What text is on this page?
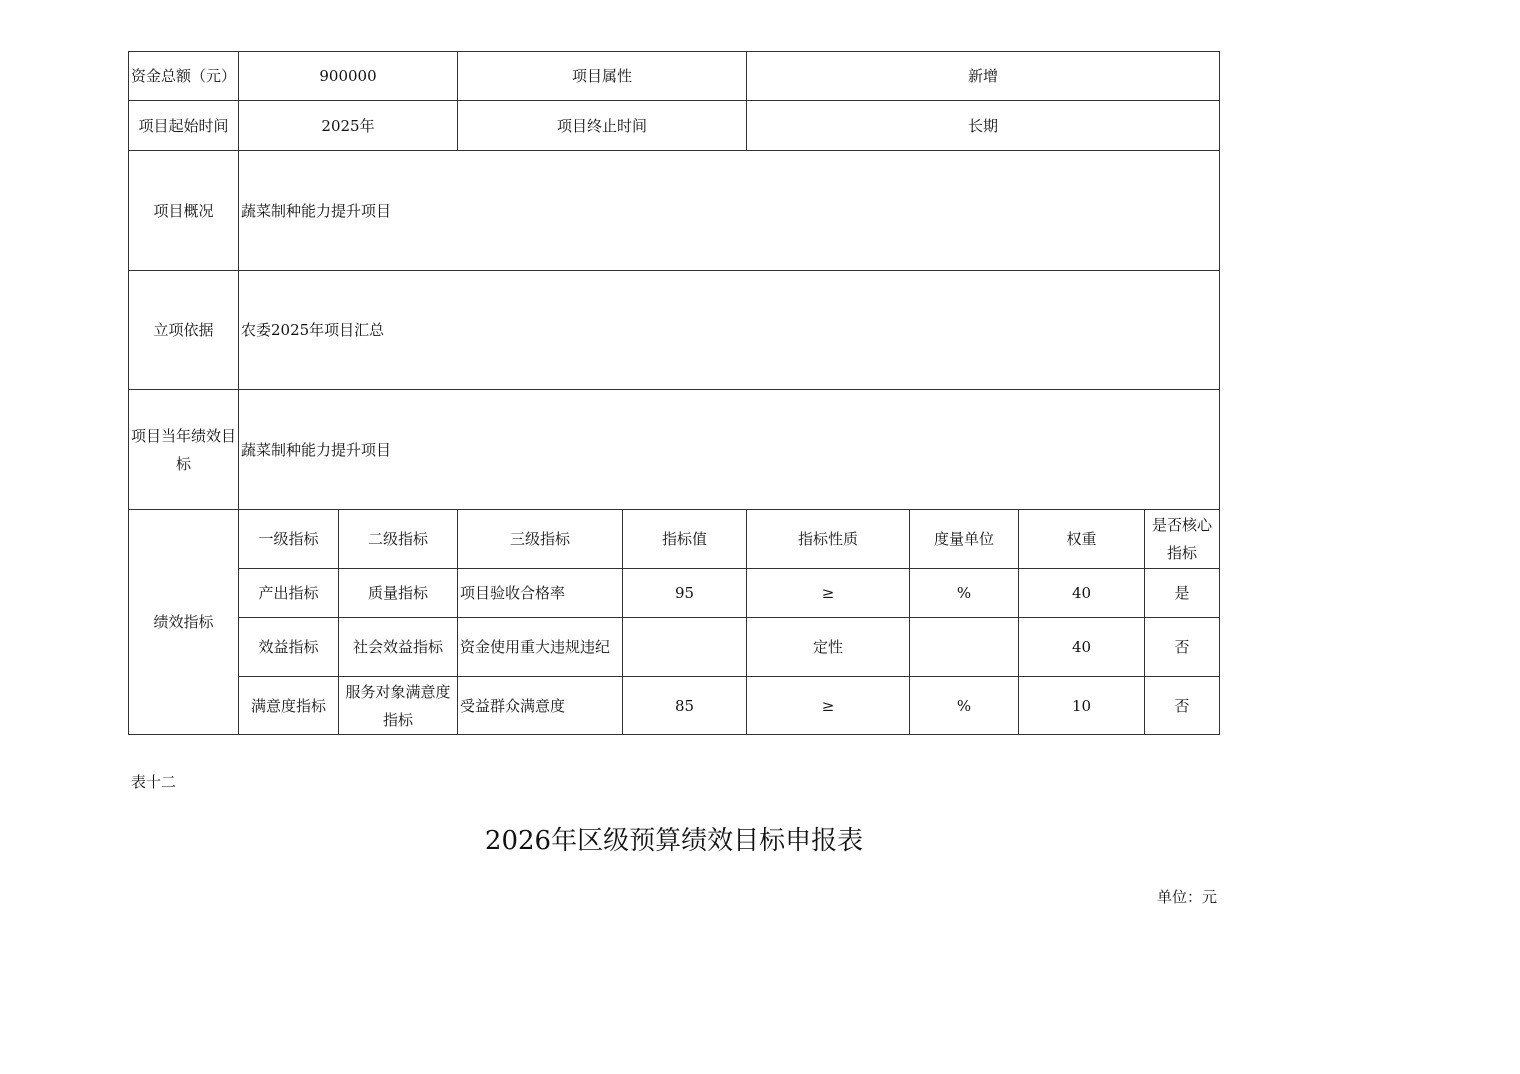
资金总额（元）	900000		项目属性		新增			
项目起始时间	2025年		项目终止时间		长期			
项目概况	蔬菜制种能力提升项目							
立项依据	农委2025年项目汇总							
项目当年绩效目标	蔬菜制种能力提升项目							
绩效指标	一级指标	二级指标	三级指标	指标值	指标性质	度量单位	权重	是否核心指标
	产出指标	质量指标	项目验收合格率	95	≥	%	40	是
	效益指标	社会效益指标	资金使用重大违规违纪		定性		40	否
	满意度指标	服务对象满意度指标	受益群众满意度	85	≥	%	10	否
表十二
2026年区级预算绩效目标申报表
单位：元
